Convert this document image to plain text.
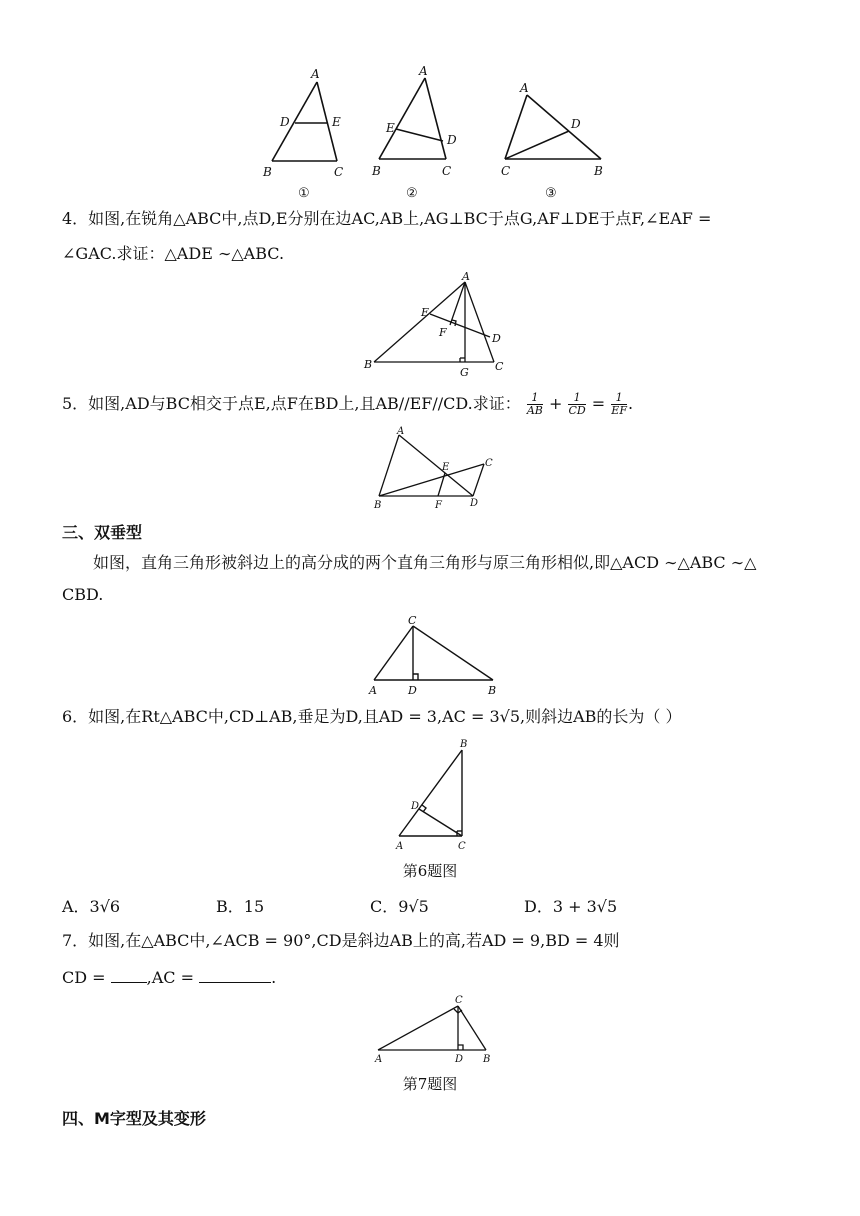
A
D	E
B	C
①
A
E
D
B	C
②
A
D
C	B
③
4．如图,在锐角△ABC中,点D,E分别在边AC,AB上,AG⊥BC于点G,AF⊥DE于点F,∠EAF =
∠GAC.求证：△ADE ∼△ABC.
A
E
F	D
B
G C
5．如图,AD与BC相交于点E,点F在BD上,且AB//EF//CD.求证： $\frac{1}{AB} + \frac{1}{CD} = \frac{1}{EF}$ .
A
E	C
B	F	D
三、双垂型
如图，直角三角形被斜边上的高分成的两个直角三角形与原三角形相似,即△ACD ∼△ABC ∼△
CBD.
C
A	D	B
6．如图,在Rt△ABC中,CD⊥AB,垂足为D,且AD = 3,AC = 3√5,则斜边AB的长为（ ）
B
D
A	C
第6题图
A．3√6	B．15	C．9√5	D．3 + 3√5
7．如图,在△ABC中,∠ACB = 90°,CD是斜边AB上的高,若AD = 9,BD = 4则
CD =	,AC =	.
C
A	D B
第7题图
四、M字型及其变形
